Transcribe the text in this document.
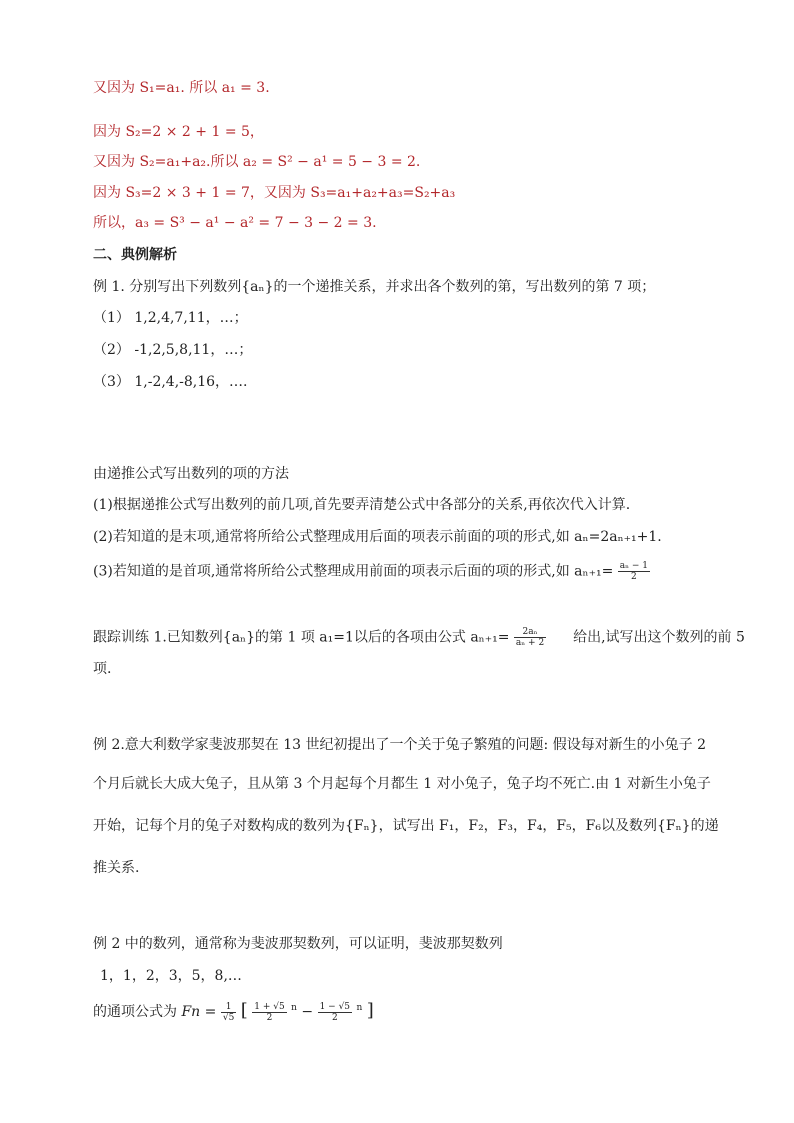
又因为 S₁=a₁. 所以 a₁ = 3.
因为 S₂=2 × 2 + 1 = 5，
又因为 S₂=a₁+a₂.所以 a₂ = S² − a¹ = 5 − 3 = 2.
因为 S₃=2 × 3 + 1 = 7，又因为 S₃=a₁+a₂+a₃=S₂+a₃
所以，a₃ = S³ − a¹ − a² = 7 − 3 − 2 = 3.
二、典例解析
例 1. 分别写出下列数列{aₙ}的一个递推关系，并求出各个数列的第，写出数列的第 7 项；
（1） 1,2,4,7,11，…；
（2） -1,2,5,8,11，…；
（3） 1,-2,4,-8,16，….
由递推公式写出数列的项的方法
(1)根据递推公式写出数列的前几项,首先要弄清楚公式中各部分的关系,再依次代入计算.
(2)若知道的是末项,通常将所给公式整理成用后面的项表示前面的项的形式,如 aₙ=2aₙ₊₁+1.
(3)若知道的是首项,通常将所给公式整理成用前面的项表示后面的项的形式,如 $a_{n+1}= \frac{\text{aₙ − 1}}{2}$
跟踪训练 1.已知数列{aₙ}的第 1 项 a₁=1以后的各项由公式 $a_{n+1}= \frac{\text{2aₙ}}{\text{aₙ + 2}}$ 给出,试写出这个数列的前 5
项.
例 2.意大利数学家斐波那契在 13 世纪初提出了一个关于兔子繁殖的问题: 假设每对新生的小兔子 2
个月后就长大成大兔子，且从第 3 个月起每个月都生 1 对小兔子，兔子均不死亡.由 1 对新生小兔子
开始，记每个月的兔子对数构成的数列为{Fₙ}，试写出 F₁，F₂，F₃，F₄，F₅，F₆以及数列{Fₙ}的递
推关系.
例 2 中的数列，通常称为斐波那契数列，可以证明，斐波那契数列
1，1，2，3，5，8,…
的通项公式为 $Fn = \frac{1}{√5}$ [ $\frac{1 + √5}{2} ^n - \frac{1 - √5}{2} ^n$ ]
